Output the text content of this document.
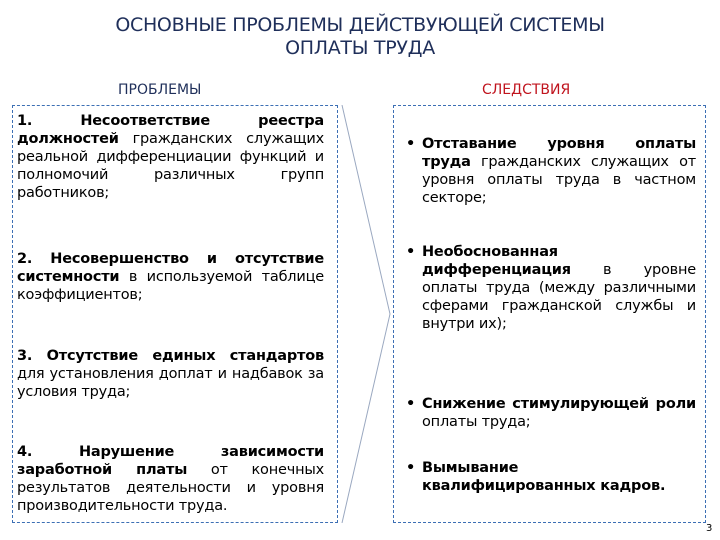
ОСНОВНЫЕ ПРОБЛЕМЫ ДЕЙСТВУЮЩЕЙ СИСТЕМЫ
ОПЛАТЫ ТРУДА
ПРОБЛЕМЫ	СЛЕДСТВИЯ
1. Несоответствие реестра должностей гражданских служащих реальной дифференциации функций и полномочий различных групп работников;
2. Несовершенство и отсутствие системности в используемой таблице коэффициентов;
3. Отсутствие единых стандартов для установления доплат и надбавок за условия труда;
4. Нарушение зависимости заработной платы от конечных результатов деятельности и уровня производительности труда.
• Отставание уровня оплаты труда гражданских служащих от уровня оплаты труда в частном секторе;
• Необоснованная дифференциация в уровне оплаты труда (между различными сферами гражданской службы и внутри их);
• Снижение стимулирующей роли оплаты труда;
• Вымывание квалифицированных кадров.
3
